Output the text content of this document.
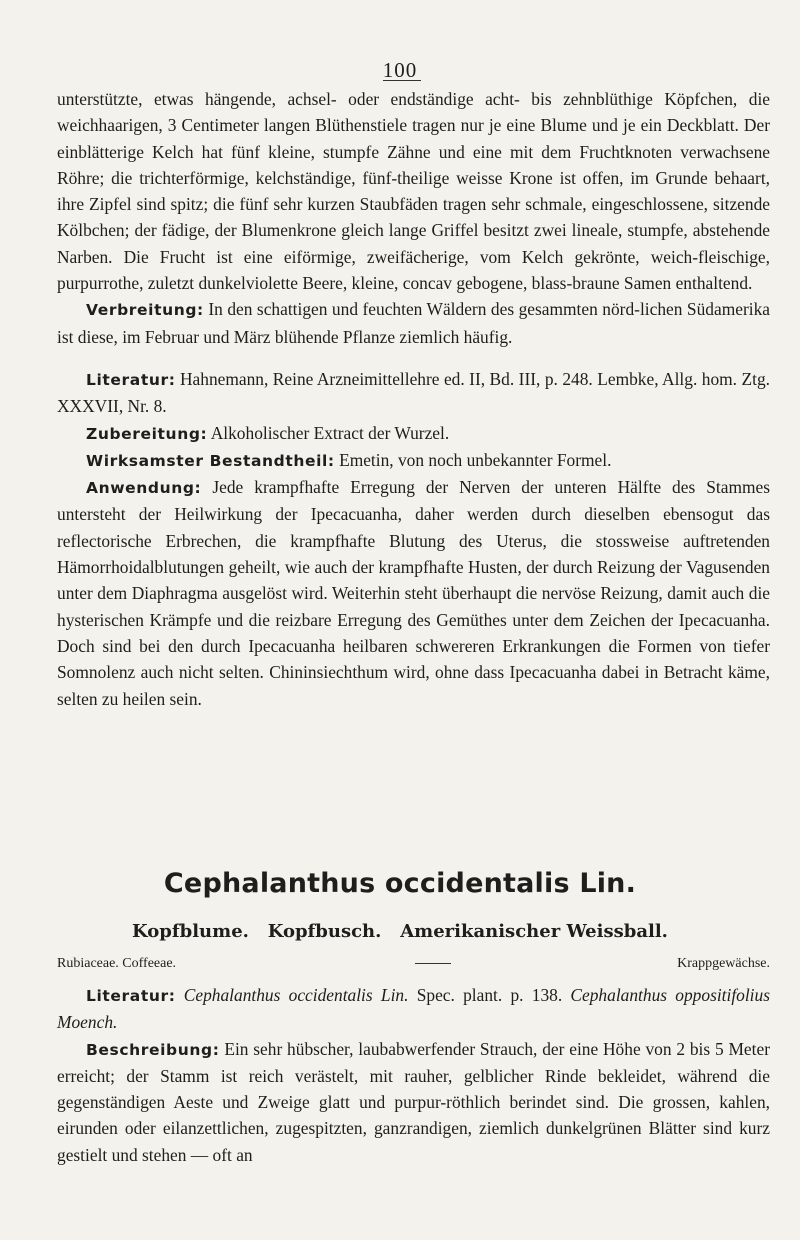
100

unterstützte, etwas hängende, achsel- oder endständige acht- bis zehnblüthige Köpfchen, die weichhaarigen, 3 Centimeter langen Blüthenstiele tragen nur je eine Blume und je ein Deckblatt. Der einblätterige Kelch hat fünf kleine, stumpfe Zähne und eine mit dem Fruchtknoten verwachsene Röhre; die trichterförmige, kelchständige, fünf-theilige weisse Krone ist offen, im Grunde behaart, ihre Zipfel sind spitz; die fünf sehr kurzen Staubfäden tragen sehr schmale, eingeschlossene, sitzende Kölbchen; der fädige, der Blumenkrone gleich lange Griffel besitzt zwei lineale, stumpfe, abstehende Narben. Die Frucht ist eine eiförmige, zweifächerige, vom Kelch gekrönte, weich-fleischige, purpurrothe, zuletzt dunkelviolette Beere, kleine, concav gebogene, blass-braune Samen enthaltend.

Verbreitung: In den schattigen und feuchten Wäldern des gesammten nörd-lichen Südamerika ist diese, im Februar und März blühende Pflanze ziemlich häufig.

Literatur: Hahnemann, Reine Arzneimittellehre ed. II, Bd. III, p. 248. Lembke, Allg. hom. Ztg. XXXVII, Nr. 8.

Zubereitung: Alkoholischer Extract der Wurzel.

Wirksamster Bestandtheil: Emetin, von noch unbekannter Formel.

Anwendung: Jede krampfhafte Erregung der Nerven der unteren Hälfte des Stammes untersteht der Heilwirkung der Ipecacuanha, daher werden durch dieselben ebensogut das reflectorische Erbrechen, die krampfhafte Blutung des Uterus, die stossweise auftretenden Hämorrhoidalblutungen geheilt, wie auch der krampfhafte Husten, der durch Reizung der Vagusenden unter dem Diaphragma ausgelöst wird. Weiterhin steht überhaupt die nervöse Reizung, damit auch die hysterischen Krämpfe und die reizbare Erregung des Gemüthes unter dem Zeichen der Ipecacuanha. Doch sind bei den durch Ipecacuanha heilbaren schwereren Erkrankungen die Formen von tiefer Somnolenz auch nicht selten. Chininsiechthum wird, ohne dass Ipecacuanha dabei in Betracht käme, selten zu heilen sein.

Cephalanthus occidentalis Lin.
Kopfblume.   Kopfbusch.   Amerikanischer Weissball.
Rubiaceae. Coffeeae.	Krappgewächse.

Literatur: Cephalanthus occidentalis Lin. Spec. plant. p. 138. Cephalanthus oppositifolius Moench.

Beschreibung: Ein sehr hübscher, laubabwerfender Strauch, der eine Höhe von 2 bis 5 Meter erreicht; der Stamm ist reich verästelt, mit rauher, gelblicher Rinde bekleidet, während die gegenständigen Aeste und Zweige glatt und purpur-röthlich berindet sind. Die grossen, kahlen, eirunden oder eilanzettlichen, zugespitzten, ganzrandigen, ziemlich dunkelgrünen Blätter sind kurz gestielt und stehen — oft an
